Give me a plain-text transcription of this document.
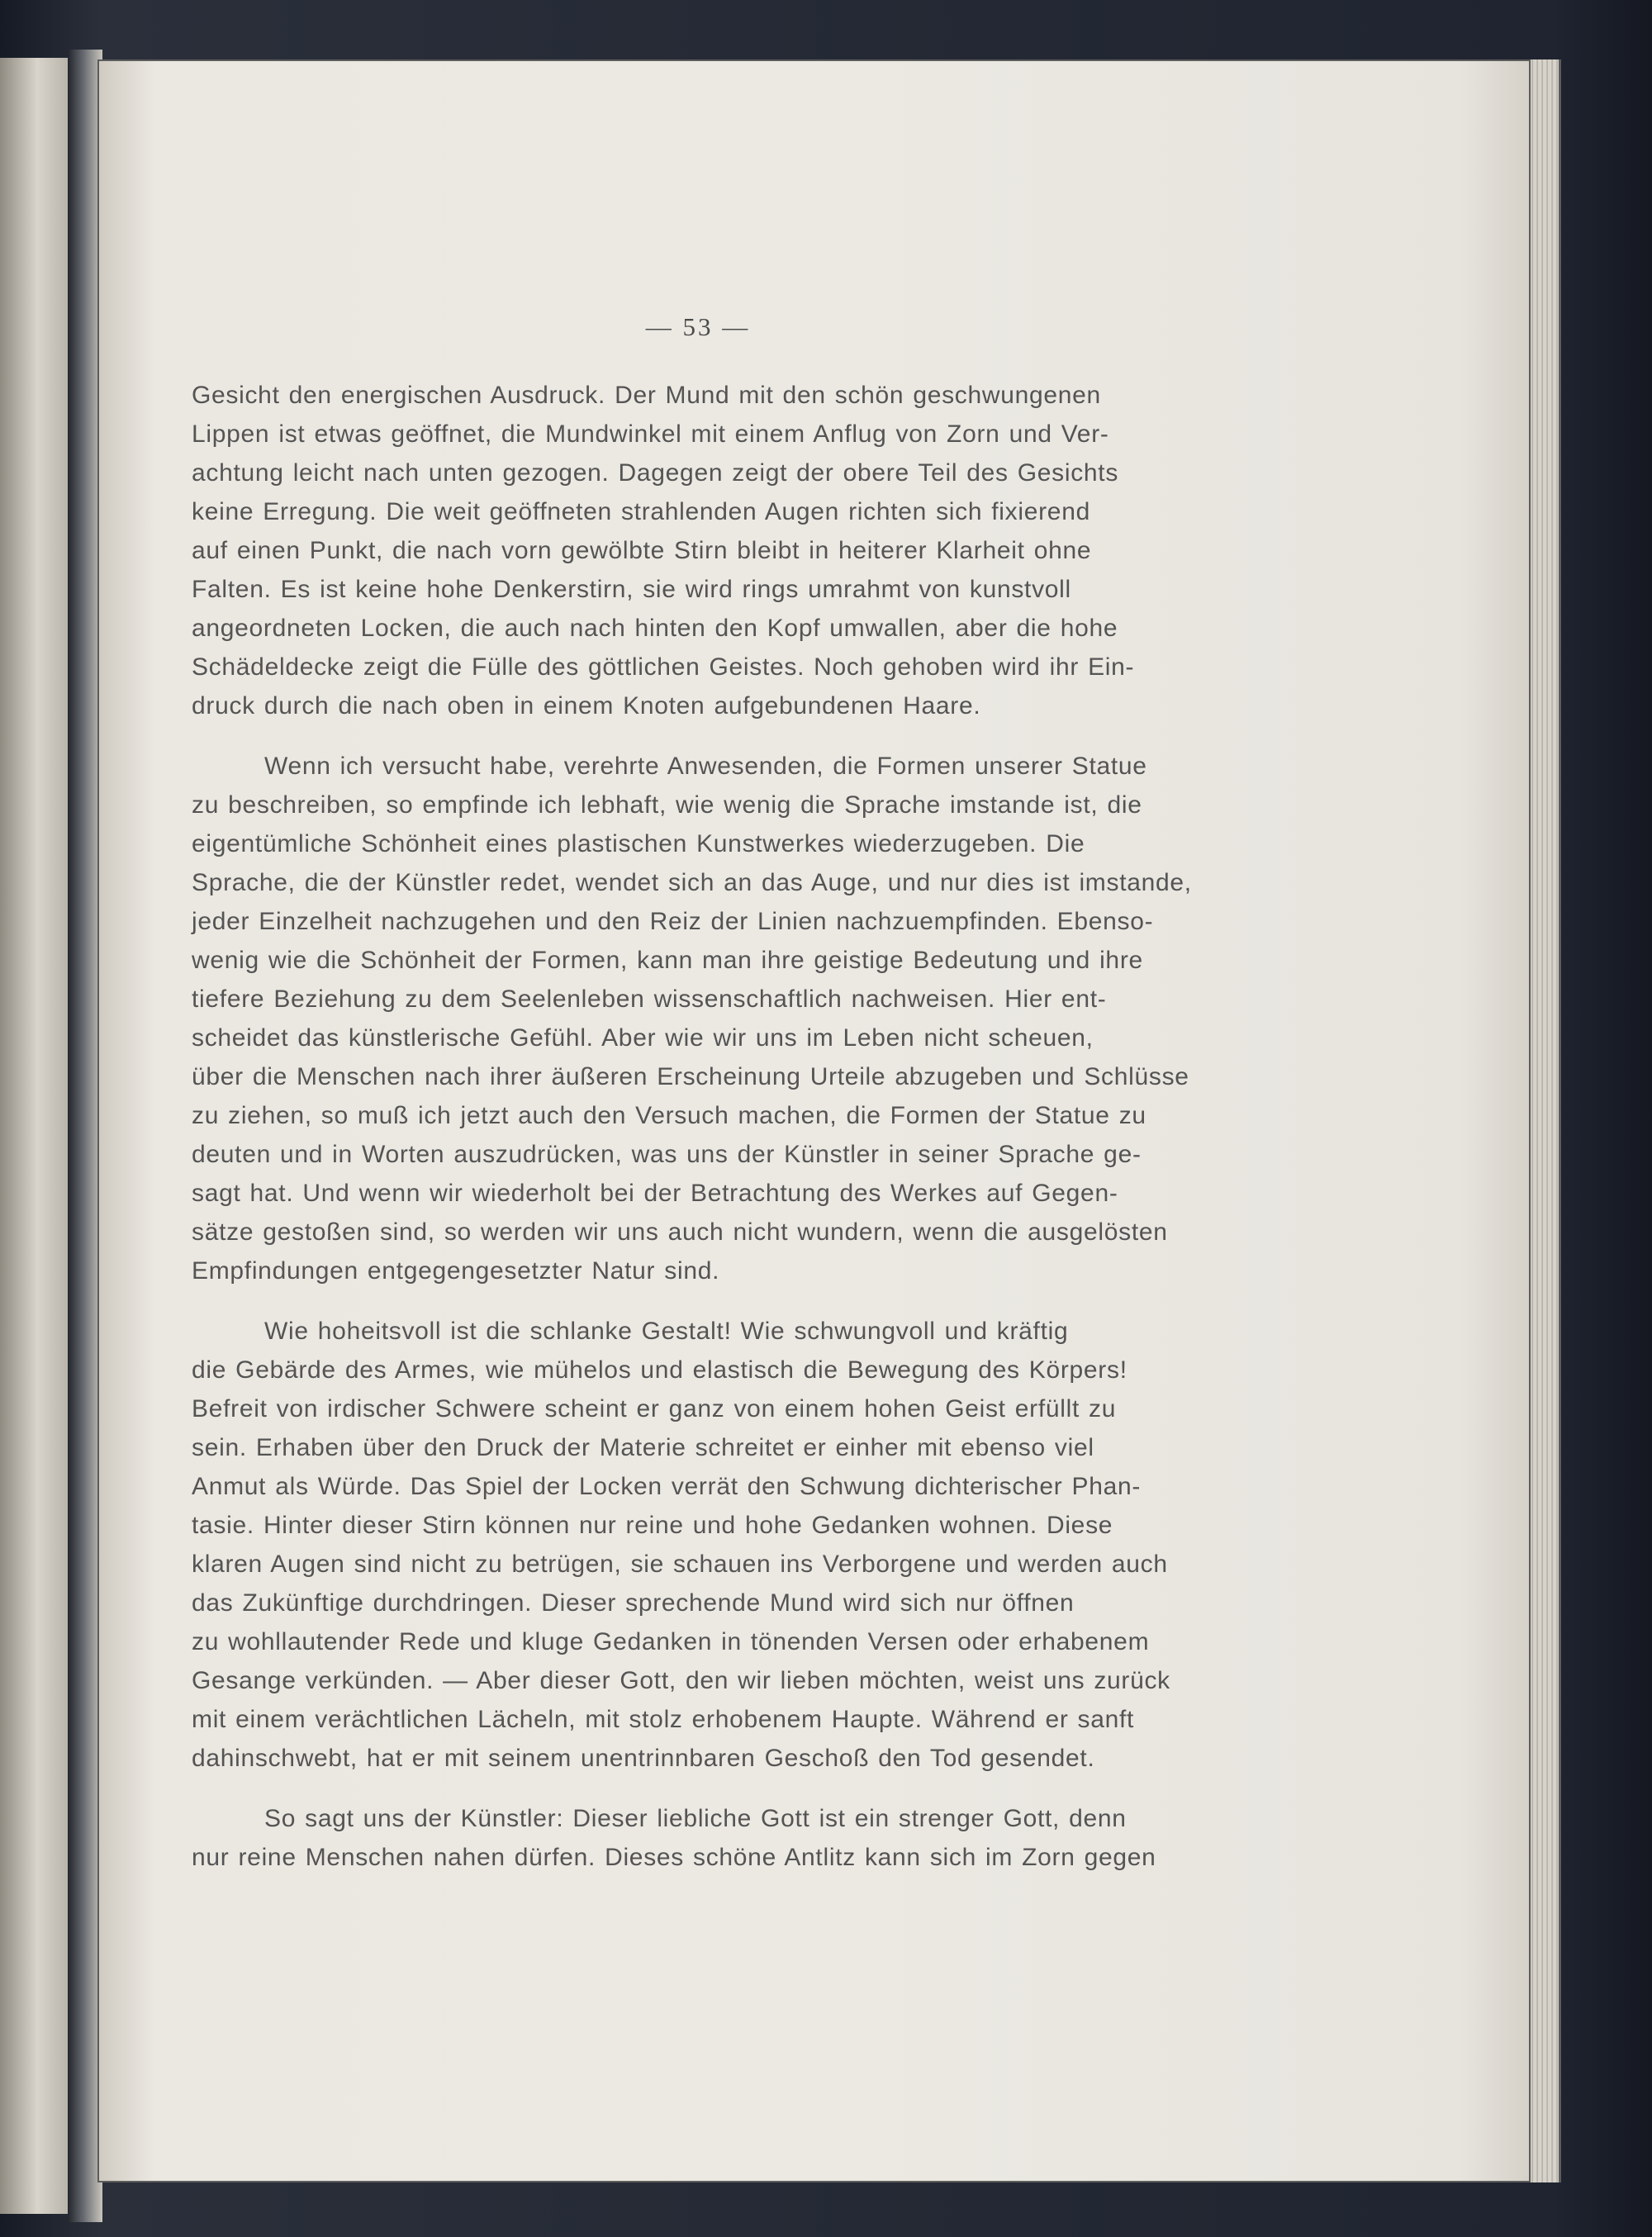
— 53 —
Gesicht den energischen Ausdruck. Der Mund mit den schön geschwungenen
Lippen ist etwas geöffnet, die Mundwinkel mit einem Anflug von Zorn und Ver-
achtung leicht nach unten gezogen. Dagegen zeigt der obere Teil des Gesichts
keine Erregung. Die weit geöffneten strahlenden Augen richten sich fixierend
auf einen Punkt, die nach vorn gewölbte Stirn bleibt in heiterer Klarheit ohne
Falten. Es ist keine hohe Denkerstirn, sie wird rings umrahmt von kunstvoll
angeordneten Locken, die auch nach hinten den Kopf umwallen, aber die hohe
Schädeldecke zeigt die Fülle des göttlichen Geistes. Noch gehoben wird ihr Ein-
druck durch die nach oben in einem Knoten aufgebundenen Haare.
Wenn ich versucht habe, verehrte Anwesenden, die Formen unserer Statue
zu beschreiben, so empfinde ich lebhaft, wie wenig die Sprache imstande ist, die
eigentümliche Schönheit eines plastischen Kunstwerkes wiederzugeben. Die
Sprache, die der Künstler redet, wendet sich an das Auge, und nur dies ist imstande,
jeder Einzelheit nachzugehen und den Reiz der Linien nachzuempfinden. Ebenso-
wenig wie die Schönheit der Formen, kann man ihre geistige Bedeutung und ihre
tiefere Beziehung zu dem Seelenleben wissenschaftlich nachweisen. Hier ent-
scheidet das künstlerische Gefühl. Aber wie wir uns im Leben nicht scheuen,
über die Menschen nach ihrer äußeren Erscheinung Urteile abzugeben und Schlüsse
zu ziehen, so muß ich jetzt auch den Versuch machen, die Formen der Statue zu
deuten und in Worten auszudrücken, was uns der Künstler in seiner Sprache ge-
sagt hat. Und wenn wir wiederholt bei der Betrachtung des Werkes auf Gegen-
sätze gestoßen sind, so werden wir uns auch nicht wundern, wenn die ausgelösten
Empfindungen entgegengesetzter Natur sind.
Wie hoheitsvoll ist die schlanke Gestalt! Wie schwungvoll und kräftig
die Gebärde des Armes, wie mühelos und elastisch die Bewegung des Körpers!
Befreit von irdischer Schwere scheint er ganz von einem hohen Geist erfüllt zu
sein. Erhaben über den Druck der Materie schreitet er einher mit ebenso viel
Anmut als Würde. Das Spiel der Locken verrät den Schwung dichterischer Phan-
tasie. Hinter dieser Stirn können nur reine und hohe Gedanken wohnen. Diese
klaren Augen sind nicht zu betrügen, sie schauen ins Verborgene und werden auch
das Zukünftige durchdringen. Dieser sprechende Mund wird sich nur öffnen
zu wohllautender Rede und kluge Gedanken in tönenden Versen oder erhabenem
Gesange verkünden. — Aber dieser Gott, den wir lieben möchten, weist uns zurück
mit einem verächtlichen Lächeln, mit stolz erhobenem Haupte. Während er sanft
dahinschwebt, hat er mit seinem unentrinnbaren Geschoß den Tod gesendet.
So sagt uns der Künstler: Dieser liebliche Gott ist ein strenger Gott, denn
nur reine Menschen nahen dürfen. Dieses schöne Antlitz kann sich im Zorn gegen
